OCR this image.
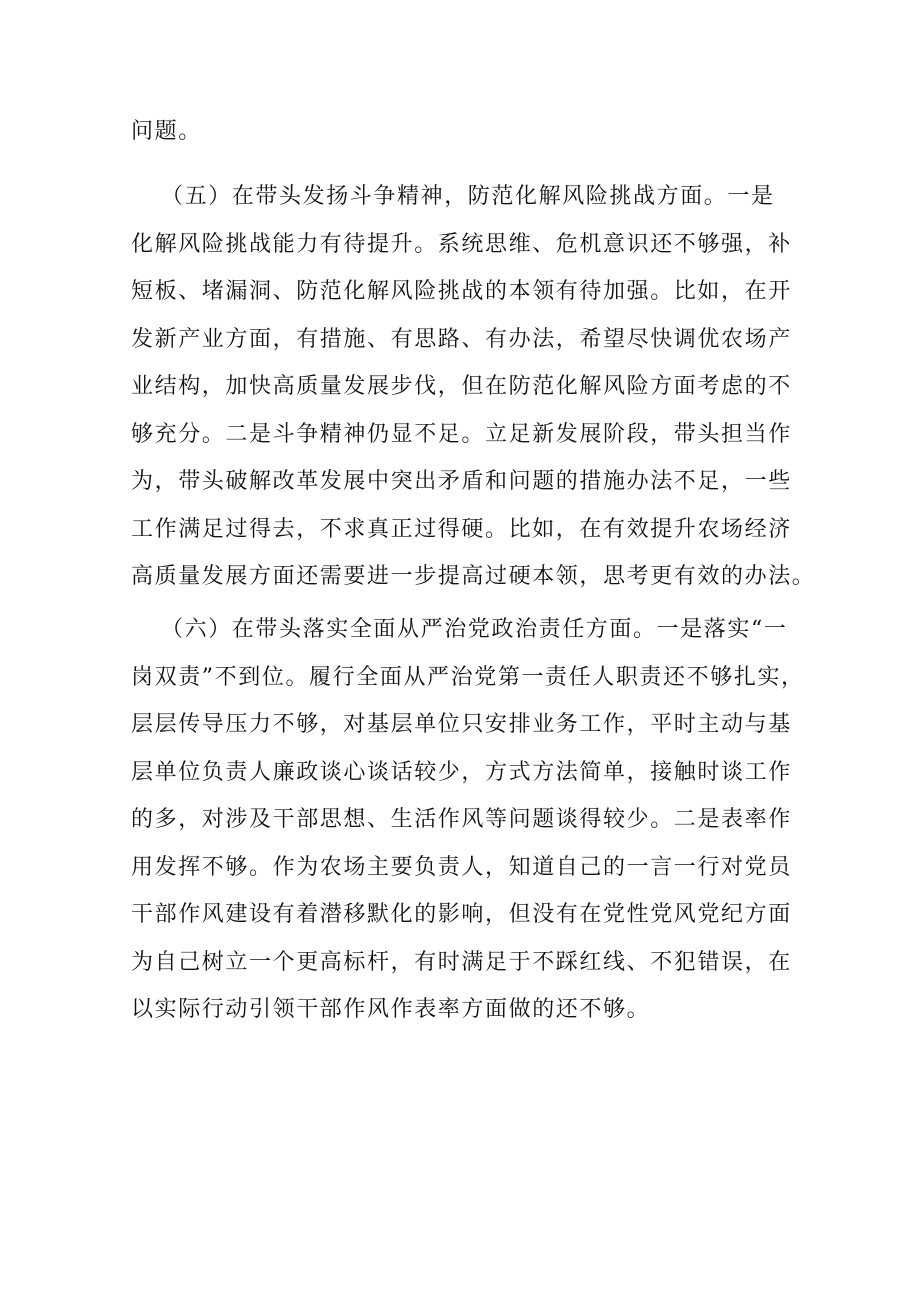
问题。

（五）在带头发扬斗争精神，防范化解风险挑战方面。一是
化解风险挑战能力有待提升。系统思维、危机意识还不够强，补
短板、堵漏洞、防范化解风险挑战的本领有待加强。比如，在开
发新产业方面，有措施、有思路、有办法，希望尽快调优农场产
业结构，加快高质量发展步伐，但在防范化解风险方面考虑的不
够充分。二是斗争精神仍显不足。立足新发展阶段，带头担当作
为，带头破解改革发展中突出矛盾和问题的措施办法不足，一些
工作满足过得去，不求真正过得硬。比如，在有效提升农场经济
高质量发展方面还需要进一步提高过硬本领，思考更有效的办法。

（六）在带头落实全面从严治党政治责任方面。一是落实“一
岗双责”不到位。履行全面从严治党第一责任人职责还不够扎实，
层层传导压力不够，对基层单位只安排业务工作，平时主动与基
层单位负责人廉政谈心谈话较少，方式方法简单，接触时谈工作
的多，对涉及干部思想、生活作风等问题谈得较少。二是表率作
用发挥不够。作为农场主要负责人，知道自己的一言一行对党员
干部作风建设有着潜移默化的影响，但没有在党性党风党纪方面
为自己树立一个更高标杆，有时满足于不踩红线、不犯错误，在
以实际行动引领干部作风作表率方面做的还不够。
